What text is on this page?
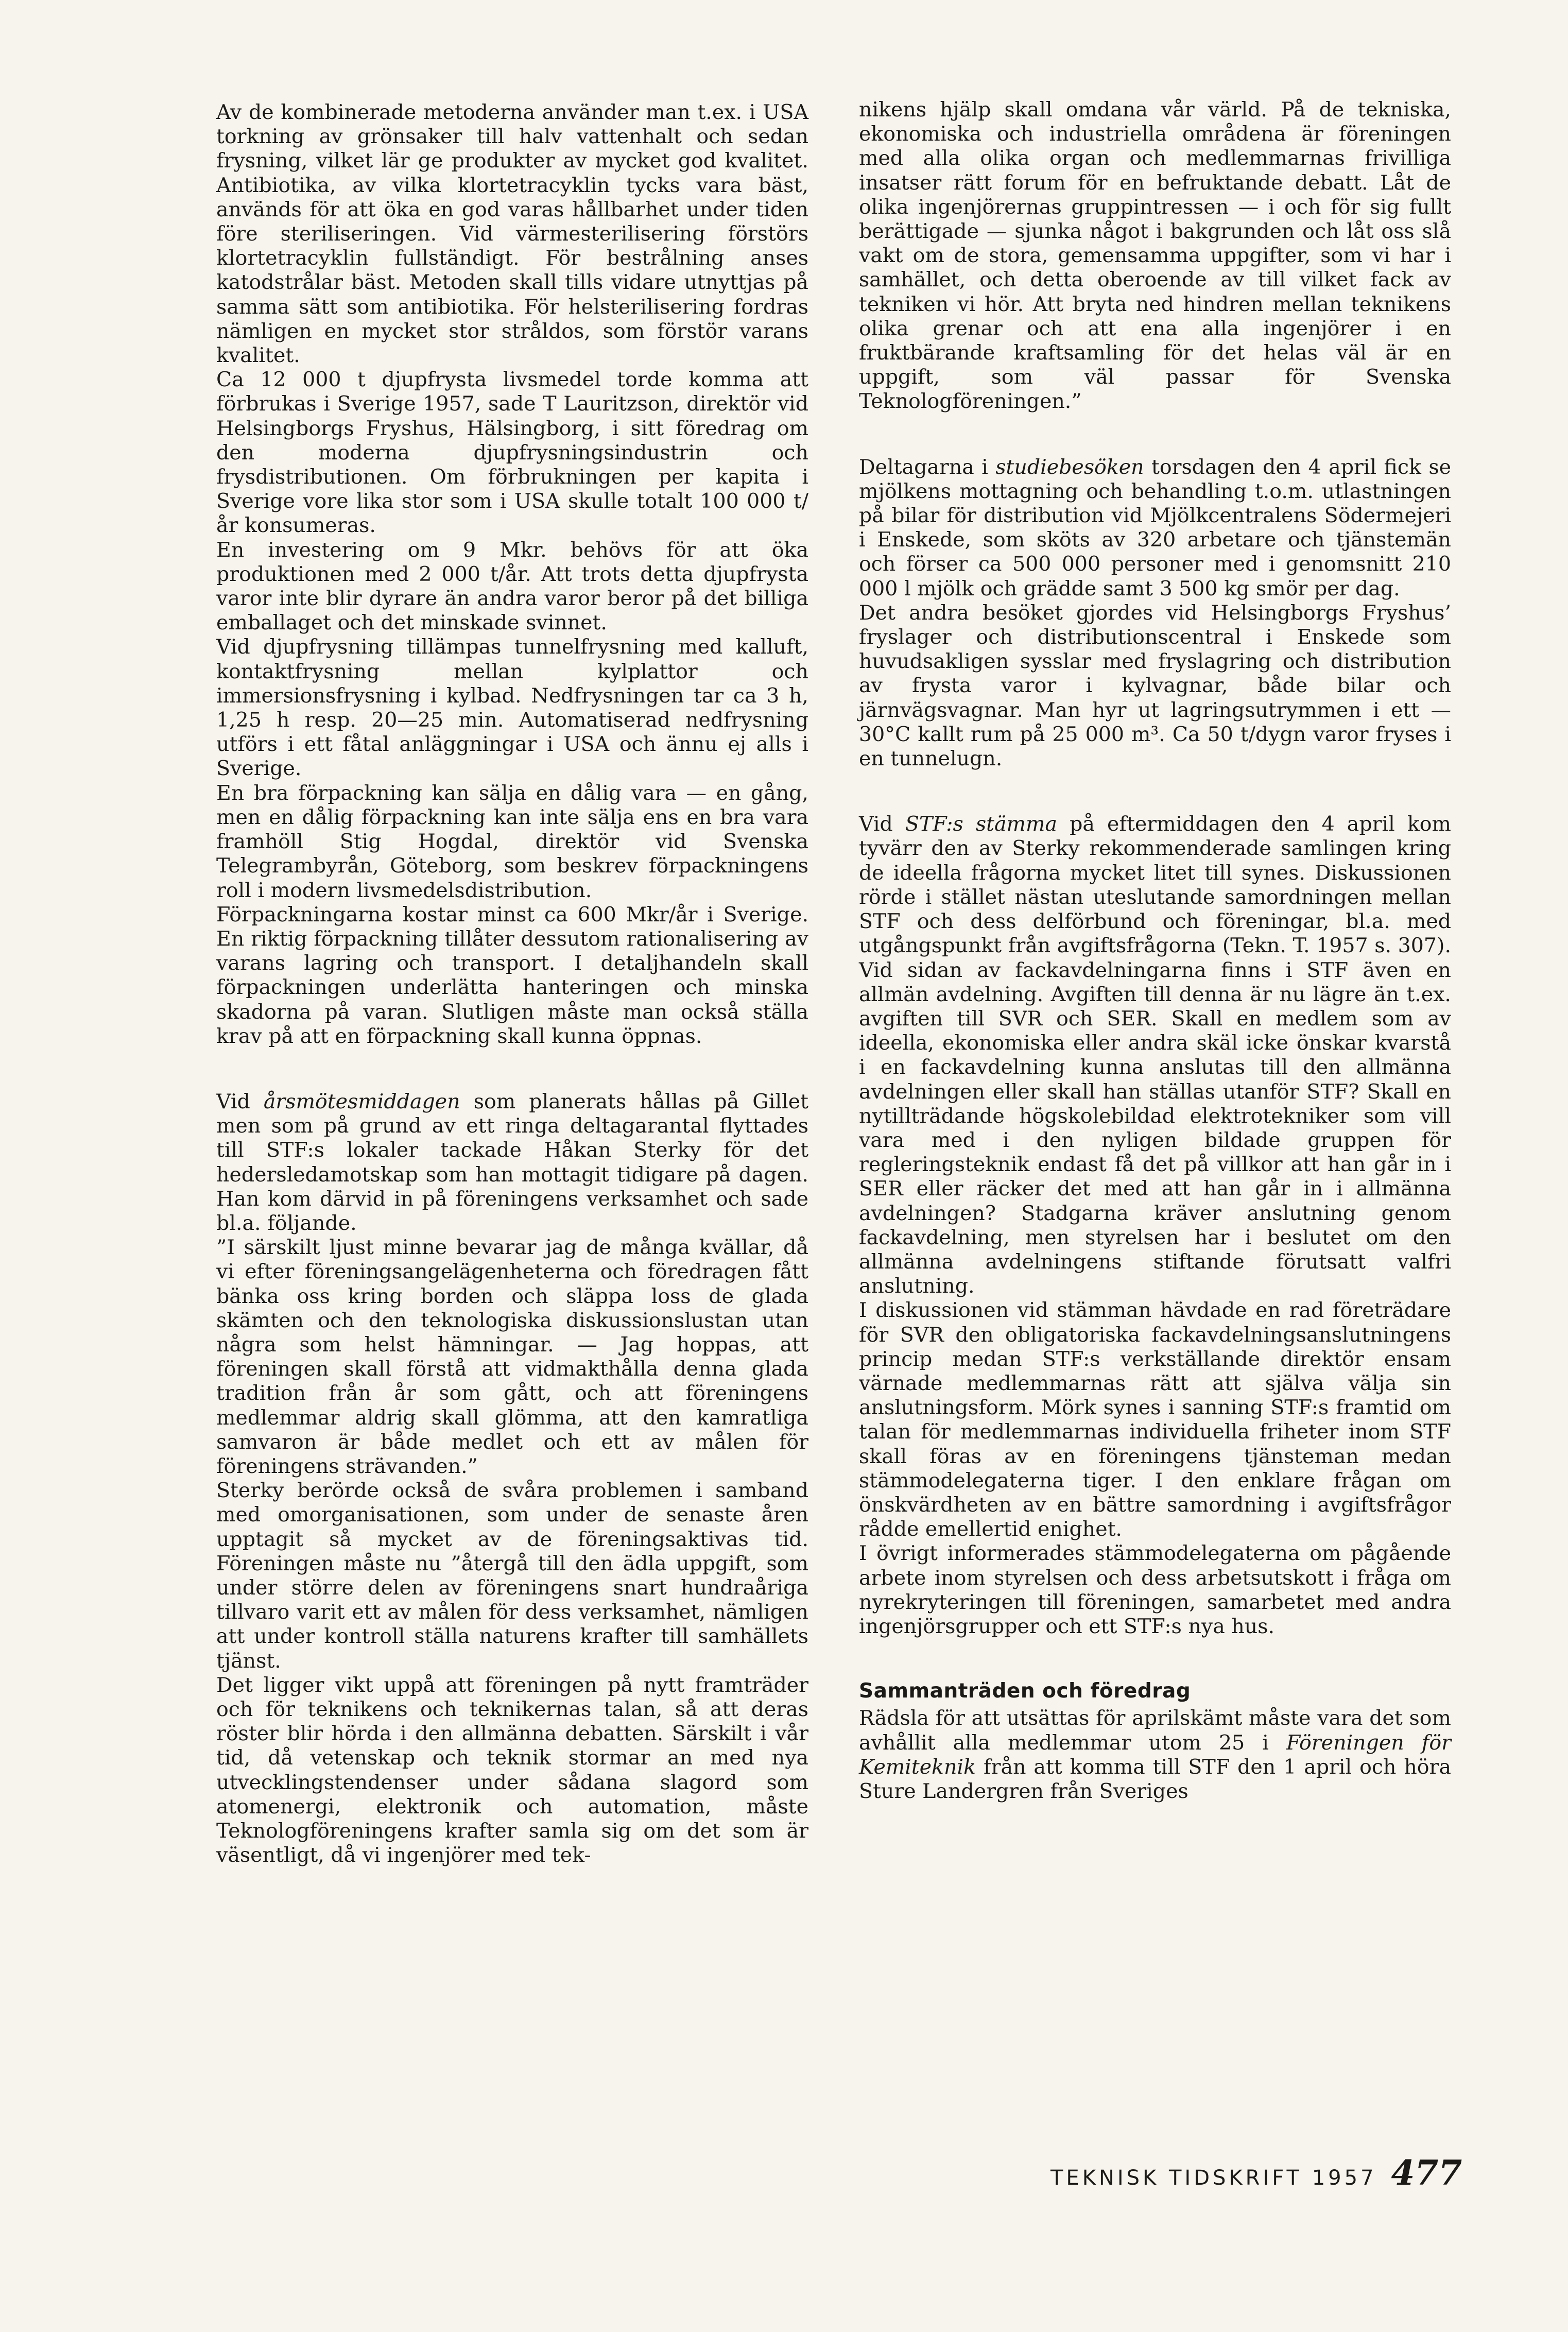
Av de kombinerade metoderna använder man t.ex. i USA torkning av grönsaker till halv vattenhalt och sedan frysning, vilket lär ge produkter av mycket god kvalitet. Antibiotika, av vilka klortetracyklin tycks vara bäst, används för att öka en god varas hållbarhet under tiden före steriliseringen. Vid värmesterilisering förstörs klortetracyklin fullständigt. För bestrålning anses katodstrålar bäst. Metoden skall tills vidare utnyttjas på samma sätt som antibiotika. För helsterilisering fordras nämligen en mycket stor stråldos, som förstör varans kvalitet.

Ca 12 000 t djupfrysta livsmedel torde komma att förbrukas i Sverige 1957, sade T Lauritzson, direktör vid Helsingborgs Fryshus, Hälsingborg, i sitt föredrag om den moderna djupfrysningsindustrin och frysdistributionen. Om förbrukningen per kapita i Sverige vore lika stor som i USA skulle totalt 100 000 t/år konsumeras.

En investering om 9 Mkr. behövs för att öka produktionen med 2 000 t/år. Att trots detta djupfrysta varor inte blir dyrare än andra varor beror på det billiga emballaget och det minskade svinnet.

Vid djupfrysning tillämpas tunnelfrysning med kalluft, kontaktfrysning mellan kylplattor och immersionsfrysning i kylbad. Nedfrysningen tar ca 3 h, 1,25 h resp. 20—25 min. Automatiserad nedfrysning utförs i ett fåtal anläggningar i USA och ännu ej alls i Sverige.

En bra förpackning kan sälja en dålig vara — en gång, men en dålig förpackning kan inte sälja ens en bra vara framhöll Stig Hogdal, direktör vid Svenska Telegrambyrån, Göteborg, som beskrev förpackningens roll i modern livsmedelsdistribution.

Förpackningarna kostar minst ca 600 Mkr/år i Sverige. En riktig förpackning tillåter dessutom rationalisering av varans lagring och transport. I detaljhandeln skall förpackningen underlätta hanteringen och minska skadorna på varan. Slutligen måste man också ställa krav på att en förpackning skall kunna öppnas.

Vid årsmötesmiddagen som planerats hållas på Gillet men som på grund av ett ringa deltagarantal flyttades till STF:s lokaler tackade Håkan Sterky för det hedersledamotskap som han mottagit tidigare på dagen. Han kom därvid in på föreningens verksamhet och sade bl.a. följande.

”I särskilt ljust minne bevarar jag de många kvällar, då vi efter föreningsangelägenheterna och föredragen fått bänka oss kring borden och släppa loss de glada skämten och den teknologiska diskussionslustan utan några som helst hämningar. — Jag hoppas, att föreningen skall förstå att vidmakthålla denna glada tradition från år som gått, och att föreningens medlemmar aldrig skall glömma, att den kamratliga samvaron är både medlet och ett av målen för föreningens strävanden.”

Sterky berörde också de svåra problemen i samband med omorganisationen, som under de senaste åren upptagit så mycket av de föreningsaktivas tid. Föreningen måste nu ”återgå till den ädla uppgift, som under större delen av föreningens snart hundraåriga tillvaro varit ett av målen för dess verksamhet, nämligen att under kontroll ställa naturens krafter till samhällets tjänst.

Det ligger vikt uppå att föreningen på nytt framträder och för teknikens och teknikernas talan, så att deras röster blir hörda i den allmänna debatten. Särskilt i vår tid, då vetenskap och teknik stormar an med nya utvecklingstendenser under sådana slagord som atomenergi, elektronik och automation, måste Teknologföreningens krafter samla sig om det som är väsentligt, då vi ingenjörer med tek-

nikens hjälp skall omdana vår värld. På de tekniska, ekonomiska och industriella områdena är föreningen med alla olika organ och medlemmarnas frivilliga insatser rätt forum för en befruktande debatt. Låt de olika ingenjörernas gruppintressen — i och för sig fullt berättigade — sjunka något i bakgrunden och låt oss slå vakt om de stora, gemensamma uppgifter, som vi har i samhället, och detta oberoende av till vilket fack av tekniken vi hör. Att bryta ned hindren mellan teknikens olika grenar och att ena alla ingenjörer i en fruktbärande kraftsamling för det helas väl är en uppgift, som väl passar för Svenska Teknologföreningen.”

Deltagarna i studiebesöken torsdagen den 4 april fick se mjölkens mottagning och behandling t.o.m. utlastningen på bilar för distribution vid Mjölkcentralens Södermejeri i Enskede, som sköts av 320 arbetare och tjänstemän och förser ca 500 000 personer med i genomsnitt 210 000 l mjölk och grädde samt 3 500 kg smör per dag.

Det andra besöket gjordes vid Helsingborgs Fryshus’ fryslager och distributionscentral i Enskede som huvudsakligen sysslar med fryslagring och distribution av frysta varor i kylvagnar, både bilar och järnvägsvagnar. Man hyr ut lagringsutrymmen i ett —30°C kallt rum på 25 000 m³. Ca 50 t/dygn varor fryses i en tunnelugn.

Vid STF:s stämma på eftermiddagen den 4 april kom tyvärr den av Sterky rekommenderade samlingen kring de ideella frågorna mycket litet till synes. Diskussionen rörde i stället nästan uteslutande samordningen mellan STF och dess delförbund och föreningar, bl.a. med utgångspunkt från avgiftsfrågorna (Tekn. T. 1957 s. 307). Vid sidan av fackavdelningarna finns i STF även en allmän avdelning. Avgiften till denna är nu lägre än t.ex. avgiften till SVR och SER. Skall en medlem som av ideella, ekonomiska eller andra skäl icke önskar kvarstå i en fackavdelning kunna anslutas till den allmänna avdelningen eller skall han ställas utanför STF? Skall en nytillträdande högskolebildad elektrotekniker som vill vara med i den nyligen bildade gruppen för regleringsteknik endast få det på villkor att han går in i SER eller räcker det med att han går in i allmänna avdelningen? Stadgarna kräver anslutning genom fackavdelning, men styrelsen har i beslutet om den allmänna avdelningens stiftande förutsatt valfri anslutning.

I diskussionen vid stämman hävdade en rad företrädare för SVR den obligatoriska fackavdelningsanslutningens princip medan STF:s verkställande direktör ensam värnade medlemmarnas rätt att själva välja sin anslutningsform. Mörk synes i sanning STF:s framtid om talan för medlemmarnas individuella friheter inom STF skall föras av en föreningens tjänsteman medan stämmodelegaterna tiger. I den enklare frågan om önskvärdheten av en bättre samordning i avgiftsfrågor rådde emellertid enighet.

I övrigt informerades stämmodelegaterna om pågående arbete inom styrelsen och dess arbetsutskott i fråga om nyrekryteringen till föreningen, samarbetet med andra ingenjörsgrupper och ett STF:s nya hus.

Sammanträden och föredrag

Rädsla för att utsättas för aprilskämt måste vara det som avhållit alla medlemmar utom 25 i Föreningen för Kemiteknik från att komma till STF den 1 april och höra Sture Landergren från Sveriges

TEKNISK TIDSKRIFT 1957 477
